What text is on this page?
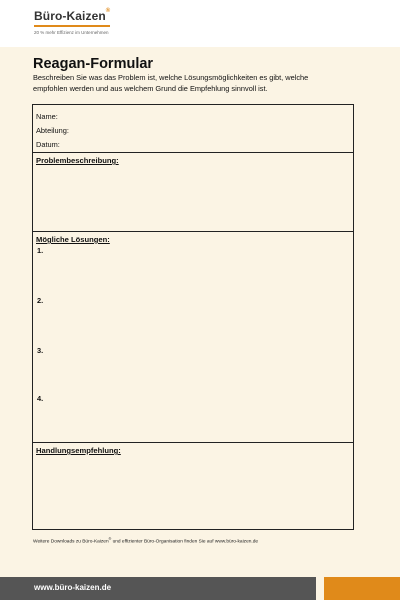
Büro-Kaizen®
20 % mehr Effizienz im Unternehmen
Reagan-Formular
Beschreiben Sie was das Problem ist, welche Lösungsmöglichkeiten es gibt, welche empfohlen werden und aus welchem Grund die Empfehlung sinnvoll ist.
Name:
Abteilung:
Datum:
Problembeschreibung:
Mögliche Lösungen:
1.
2.
3.
4.
Handlungsempfehlung:
Weitere Downloads zu Büro-Kaizen® und effizienter Büro-Organisation finden Sie auf www.büro-kaizen.de
www.büro-kaizen.de
